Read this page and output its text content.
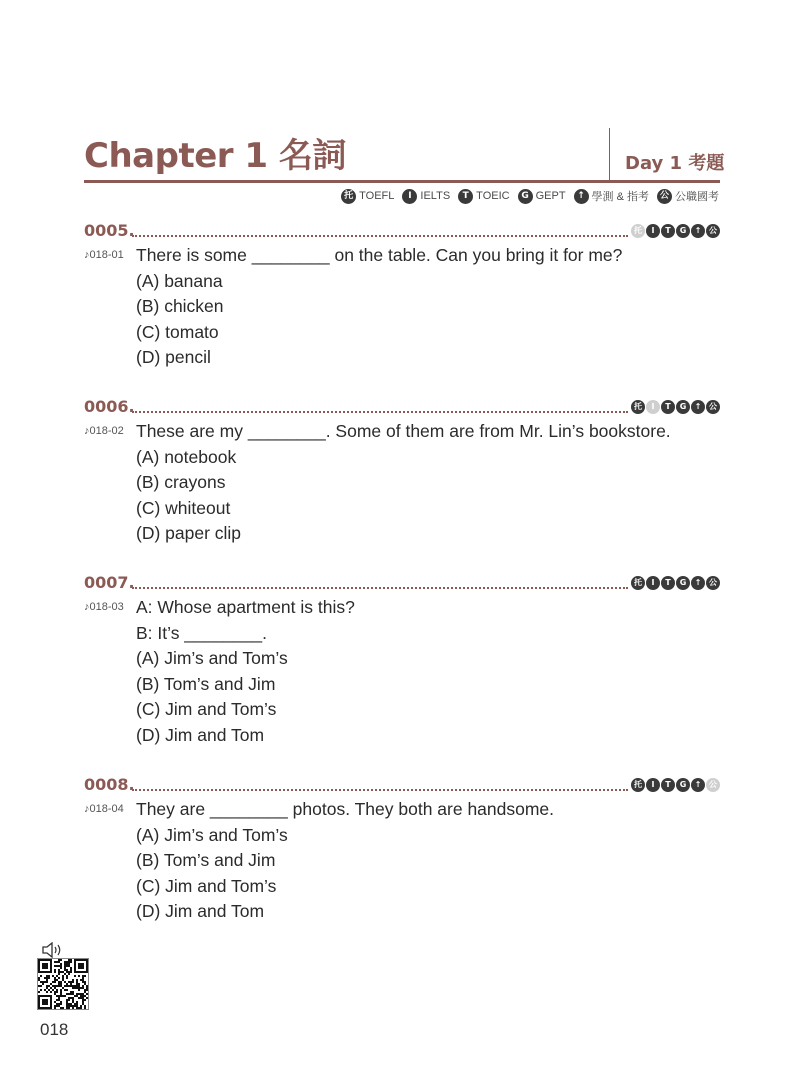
Chapter 1 名詞	Day 1 考題
托 TOEFL	I IELTS	T TOEIC	G GEPT	↑ 學測 & 指考	公 公職國考
0005.	托	I	T	G	↑ 公
♪018-01 There is some ________ on the table. Can you bring it for me?
(A) banana
(B) chicken
(C) tomato
(D) pencil
0006.	托	I	T	G	↑ 公
♪018-02 These are my ________. Some of them are from Mr. Lin’s bookstore.
(A) notebook
(B) crayons
(C) whiteout
(D) paper clip
0007.	托	I	T	G	↑ 公
♪018-03 A: Whose apartment is this?
B: It’s ________.
(A) Jim’s and Tom’s
(B) Tom’s and Jim
(C) Jim and Tom’s
(D) Jim and Tom
0008.	托	I	T	G	↑ 公
♪018-04 They are ________ photos. They both are handsome.
(A) Jim’s and Tom’s
(B) Tom’s and Jim
(C) Jim and Tom’s
(D) Jim and Tom
018
